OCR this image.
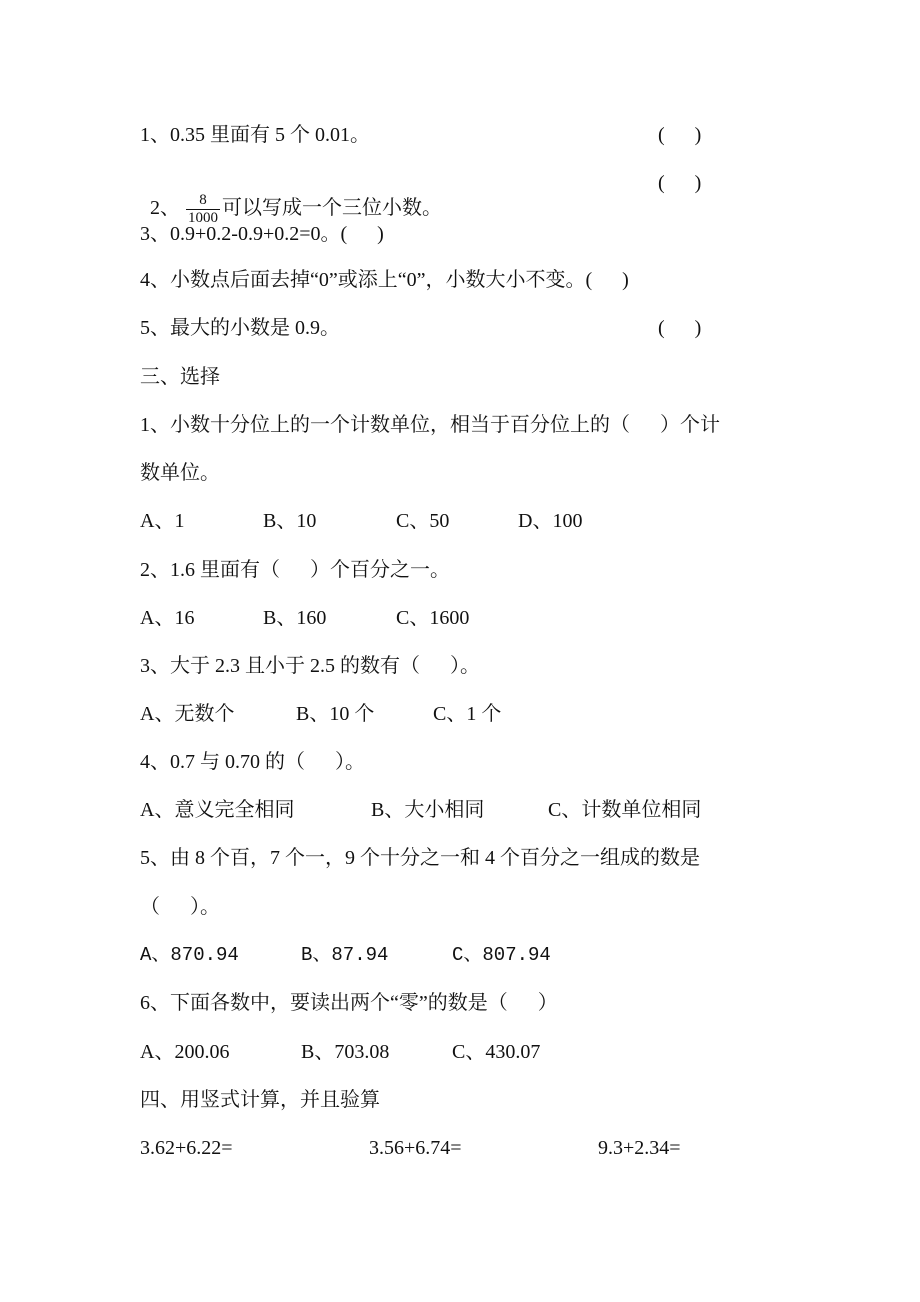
1、0.35 里面有 5 个 0.01。	(      )

2、 $\frac{8}{1000}$ 可以写成一个三位小数。

(      )
3、0.9+0.2-0.9+0.2=0。(      )
4、小数点后面去掉“0”或添上“0”，小数大小不变。(      )
5、最大的小数是 0.9。	(      )
三、选择
1、小数十分位上的一个计数单位，相当于百分位上的（      ）个计
数单位。
A、1	B、10	C、50	D、100
2、1.6 里面有（      ）个百分之一。
A、16	B、160	C、1600
3、大于 2.3 且小于 2.5 的数有（      ）。
A、无数个	B、10 个	C、1 个
4、0.7 与 0.70 的（      ）。
A、意义完全相同	B、大小相同	C、计数单位相同
5、由 8 个百，7 个一，9 个十分之一和 4 个百分之一组成的数是
（      ）。
A、870.94	B、87.94	C、807.94
6、下面各数中，要读出两个“零”的数是（      ）
A、200.06	B、703.08	C、430.07
四、用竖式计算，并且验算
3.62+6.22=	3.56+6.74=	9.3+2.34=
